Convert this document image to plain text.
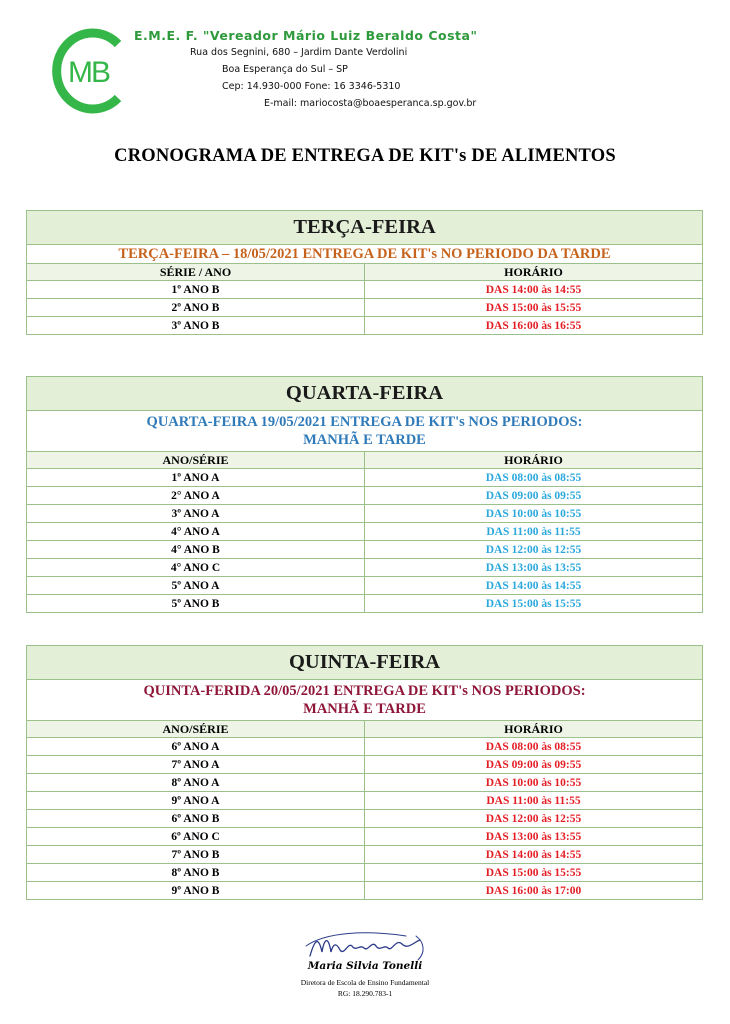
MB
E.M.E. F. "Vereador Mário Luiz Beraldo Costa"
Rua dos Segnini, 680 – Jardim Dante Verdolini
Boa Esperança do Sul – SP
Cep: 14.930-000 Fone: 16 3346-5310
E-mail: mariocosta@boaesperanca.sp.gov.br
CRONOGRAMA DE ENTREGA DE KIT's DE ALIMENTOS
TERÇA-FEIRA	
TERÇA-FEIRA – 18/05/2021 ENTREGA DE KIT's NO PERIODO DA TARDE	
SÉRIE / ANO	HORÁRIO
1º ANO B	DAS 14:00 às 14:55
2º ANO B	DAS 15:00 às 15:55
3º ANO B	DAS 16:00 às 16:55
QUARTA-FEIRA	
QUARTA-FEIRA 19/05/2021 ENTREGA DE KIT's NOS PERIODOS: MANHÃ E TARDE	
ANO/SÉRIE	HORÁRIO
1º ANO A	DAS 08:00 às 08:55
2° ANO A	DAS 09:00 às 09:55
3º ANO A	DAS 10:00 às 10:55
4° ANO A	DAS 11:00 às 11:55
4° ANO B	DAS 12:00 às 12:55
4° ANO C	DAS 13:00 às 13:55
5º ANO A	DAS 14:00 às 14:55
5º ANO B	DAS 15:00 às 15:55
QUINTA-FEIRA	
QUINTA-FERIDA 20/05/2021 ENTREGA DE KIT's NOS PERIODOS: MANHÃ E TARDE	
ANO/SÉRIE	HORÁRIO
6º ANO A	DAS 08:00 às 08:55
7º ANO A	DAS 09:00 às 09:55
8º ANO A	DAS 10:00 às 10:55
9º ANO A	DAS 11:00 às 11:55
6º ANO B	DAS 12:00 às 12:55
6º ANO C	DAS 13:00 às 13:55
7º ANO B	DAS 14:00 às 14:55
8º ANO B	DAS 15:00 às 15:55
9º ANO B	DAS 16:00 às 17:00
Maria Silvia Tonelli
Diretora de Escola de Ensino Fundamental
RG: 18.290.783-1
